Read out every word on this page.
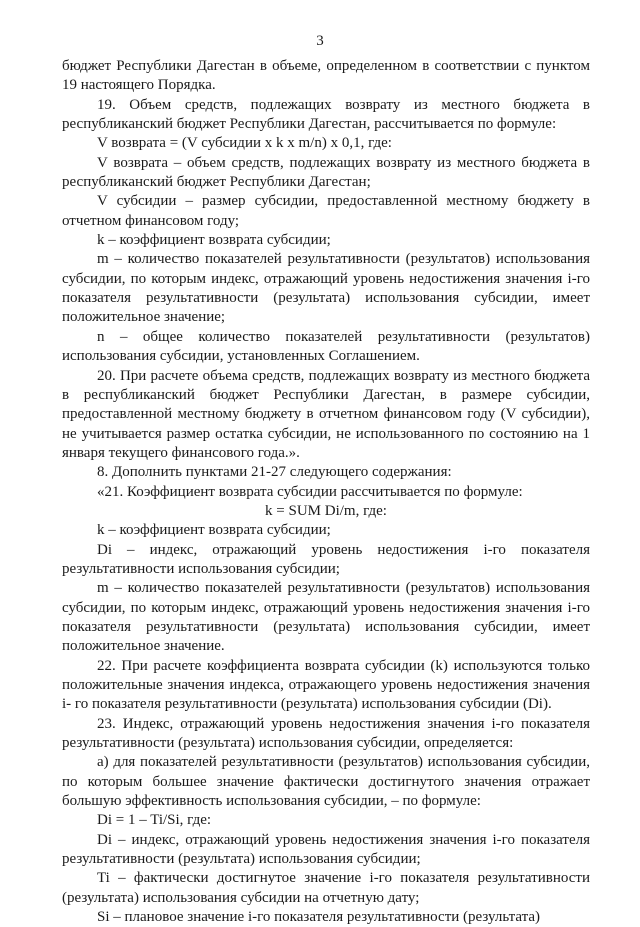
3

бюджет Республики Дагестан в объеме, определенном в соответствии с пунктом 19 настоящего Порядка.

19. Объем средств, подлежащих возврату из местного бюджета в республиканский бюджет Республики Дагестан, рассчитывается по формуле:

V возврата = (V субсидии x k x m/n) x 0,1, где:

V возврата – объем средств, подлежащих возврату из местного бюджета в республиканский бюджет Республики Дагестан;

V субсидии – размер субсидии, предоставленной местному бюджету в отчетном финансовом году;

k – коэффициент возврата субсидии;

m – количество показателей результативности (результатов) использования субсидии, по которым индекс, отражающий уровень недостижения значения i-го показателя результативности (результата) использования субсидии, имеет положительное значение;

n – общее количество показателей результативности (результатов) использования субсидии, установленных Соглашением.

20. При расчете объема средств, подлежащих возврату из местного бюджета в республиканский бюджет Республики Дагестан, в размере субсидии, предоставленной местному бюджету в отчетном финансовом году (V субсидии), не учитывается размер остатка субсидии, не использованного по состоянию на 1 января текущего финансового года.».

8. Дополнить пунктами 21-27 следующего содержания:

«21. Коэффициент возврата субсидии рассчитывается по формуле:

k = SUM Di/m, где:

k – коэффициент возврата субсидии;

Di – индекс, отражающий уровень недостижения i-го показателя результативности использования субсидии;

m – количество показателей результативности (результатов) использования субсидии, по которым индекс, отражающий уровень недостижения значения i-го показателя результативности (результата) использования субсидии, имеет положительное значение.

22. При расчете коэффициента возврата субсидии (k) используются только положительные значения индекса, отражающего уровень недостижения значения i- го показателя результативности (результата) использования субсидии (Di).

23. Индекс, отражающий уровень недостижения значения i-го показателя результативности (результата) использования субсидии, определяется:

а) для показателей результативности (результатов) использования субсидии, по которым большее значение фактически достигнутого значения отражает большую эффективность использования субсидии, – по формуле:

Di = 1 – Ti/Si, где:

Di – индекс, отражающий уровень недостижения значения i-го показателя результативности (результата) использования субсидии;

Ti – фактически достигнутое значение i-го показателя результативности (результата) использования субсидии на отчетную дату;

Si – плановое значение i-го показателя результативности (результата)
